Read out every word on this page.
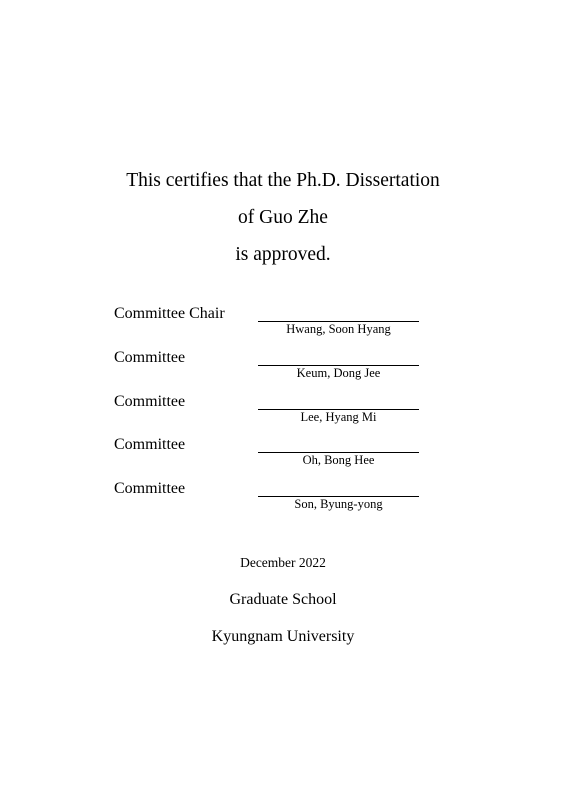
This certifies that the Ph.D. Dissertation
of Guo Zhe
is approved.
Committee Chair
Hwang, Soon Hyang
Committee
Keum, Dong Jee
Committee
Lee, Hyang Mi
Committee
Oh, Bong Hee
Committee
Son, Byung-yong
December 2022
Graduate School
Kyungnam University
